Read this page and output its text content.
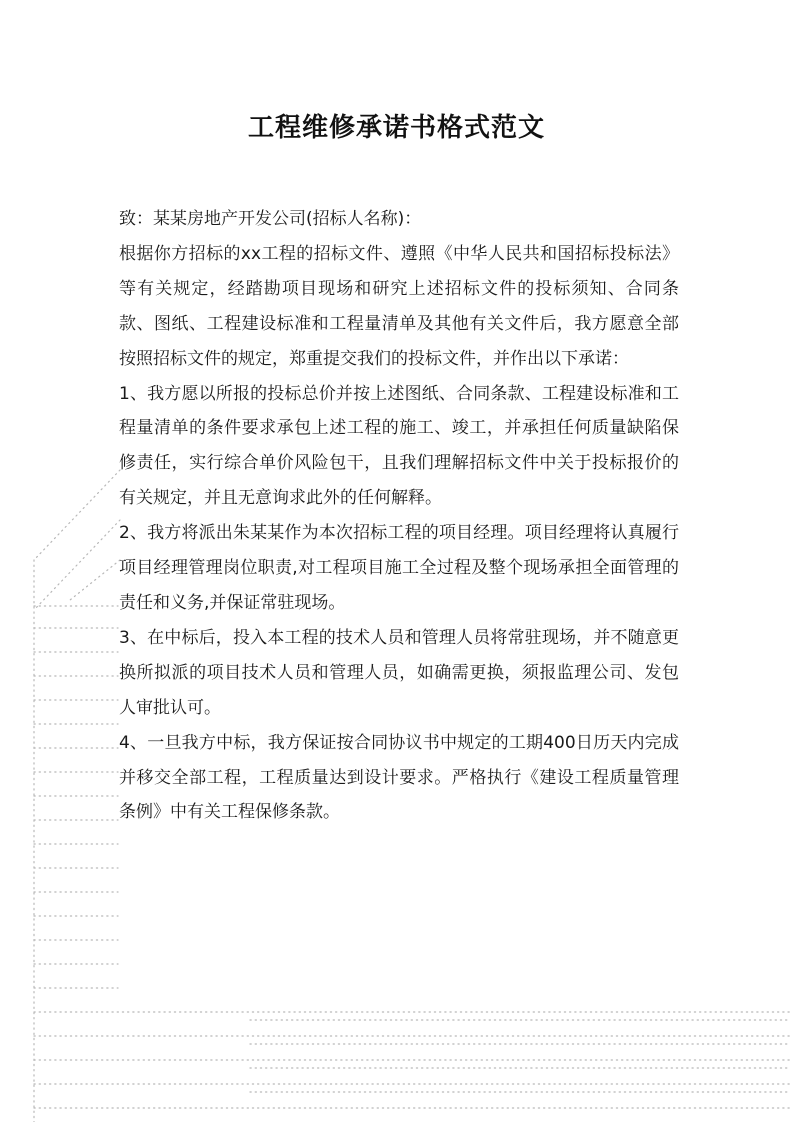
工程维修承诺书格式范文

致：某某房地产开发公司(招标人名称)：

根据你方招标的xx工程的招标文件、遵照《中华人民共和国招标投标法》等有关规定，经踏勘项目现场和研究上述招标文件的投标须知、合同条款、图纸、工程建设标准和工程量清单及其他有关文件后，我方愿意全部按照招标文件的规定，郑重提交我们的投标文件，并作出以下承诺：

1、我方愿以所报的投标总价并按上述图纸、合同条款、工程建设标准和工程量清单的条件要求承包上述工程的施工、竣工，并承担任何质量缺陷保修责任，实行综合单价风险包干，且我们理解招标文件中关于投标报价的有关规定，并且无意询求此外的任何解释。

2、我方将派出朱某某作为本次招标工程的项目经理。项目经理将认真履行项目经理管理岗位职责,对工程项目施工全过程及整个现场承担全面管理的责任和义务,并保证常驻现场。

3、在中标后，投入本工程的技术人员和管理人员将常驻现场，并不随意更换所拟派的项目技术人员和管理人员，如确需更换，须报监理公司、发包人审批认可。

4、一旦我方中标，我方保证按合同协议书中规定的工期400日历天内完成并移交全部工程，工程质量达到设计要求。严格执行《建设工程质量管理条例》中有关工程保修条款。
